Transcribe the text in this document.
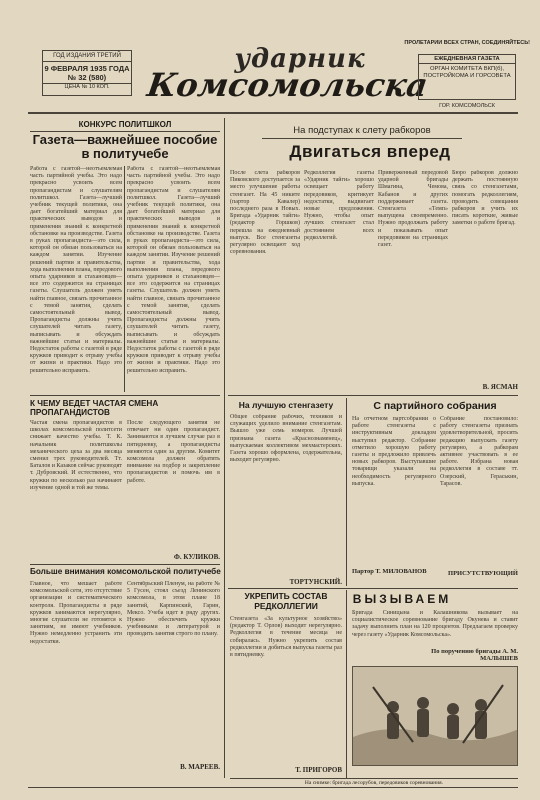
ГОД ИЗДАНИЯ ТРЕТИЙ
9 ФЕВРАЛЯ 1935 ГОДА
№ 32 (580)
ЦЕНА № 10 КОП.
ударник
Комсомольска
ПРОЛЕТАРИИ ВСЕХ СТРАН, СОЕДИНЯЙТЕСЬ!
ЕЖЕДНЕВНАЯ ГАЗЕТА
ОРГАН КОМИТЕТА ВКП(б), ПОСТРОЙКОМА И ГОРСОВЕТА
ГОР. КОМСОМОЛЬСК
КОНКУРС ПОЛИТШКОЛ
Газета—важнейшее пособие в политучебе
Работа с газетой—неотъемлемая часть партийной учебы. Это надо прекрасно усвоить всем пропагандистам и слушателям политшкол. Газета—лучший учебник текущей политики, она дает богатейший материал для практических выводов и применения знаний к конкретной обстановке на производстве. Газета в руках пропагандиста—это сила, которой он обязан пользоваться на каждом занятии. Изучение решений партии и правительства, хода выполнения плана, передового опыта ударников и стахановцев—все это содержится на страницах газеты. Слушатель должен уметь найти главное, связать прочитанное с темой занятия, сделать самостоятельный вывод. Пропагандисты должны учить слушателей читать газету, выписывать и обсуждать важнейшие статьи и материалы. Недостаток работы с газетой в ряде кружков приводит к отрыву учебы от жизни и практики. Надо это решительно исправить.
Работа с газетой—неотъемлемая часть партийной учебы. Это надо прекрасно усвоить всем пропагандистам и слушателям политшкол. Газета—лучший учебник текущей политики, она дает богатейший материал для практических выводов и применения знаний к конкретной обстановке на производстве. Газета в руках пропагандиста—это сила, которой он обязан пользоваться на каждом занятии. Изучение решений партии и правительства, хода выполнения плана, передового опыта ударников и стахановцев—все это содержится на страницах газеты. Слушатель должен уметь найти главное, связать прочитанное с темой занятия, сделать самостоятельный вывод. Пропагандисты должны учить слушателей читать газету, выписывать и обсуждать важнейшие статьи и материалы. Недостаток работы с газетой в ряде кружков приводит к отрыву учебы от жизни и практики. Надо это решительно исправить.
К ЧЕМУ ВЕДЕТ ЧАСТАЯ СМЕНА ПРОПАГАНДИСТОВ
Частая смена пропагандистов в школах комсомольской политсети снижает качество учебы. Т. К. начальник политшколы механического цеха за два месяца сменил трех руководителей. Тт. Баталов и Казаков сейчас руководят т. Дубровский. И естественно, что кружки по несколько раз начинают изучение одной и той же темы.
После следующего занятия не отвечает ни один пропагандист. Занимаются в лучшем случае раз в пятидневку, а пропагандисты меняются один за другим. Комитет комсомола должен обратить внимание на подбор и закрепление пропагандистов и помочь им в работе.
Ф. КУЛИКОВ.
Больше внимания комсомольской политучебе
Главное, что мешает работе комсомольской сети, это отсутствие организации и систематического контроля. Пропагандисты в ряде кружков занимаются нерегулярно, многие слушатели не готовятся к занятиям, не имеют учебников. Нужно немедленно устранить эти недостатки.
Сентябрьский Пленум, на работе № 5 Гусен, стоял съезд Ленинского комсомола, в этом плане 18 занятий, Карпинский, Гарин, Мексо. Учеба идет в ряду других. Нужно обеспечить кружки учебниками и литературой и проводить занятия строго по плану.
В. МАРЕЕВ.
На подступах к слету рабкоров
Двигаться вперед
После слета рабкоров Пиковского доступается за место улучшение работы стенгазет. На 45 никите (партор Кавалер) последнего раза в Новых. Бригада «Ударник тайги» (редактор Горшков) перешла на ежедневный выпуск. Все стенгазеты регулярно освещают ход соревнования.
Редколлегия газеты «Ударник тайги» хорошо освещает работу передовиков, критикует недостатки, выдвигает новые предложения. Нужно, чтобы опыт лучших стенгазет стал достоянием всех редколлегий.
Приверженный передовой ударной бригады Шмагина, Чемова, Кабанов и других поддерживает газета. Стенгазета «Темп» выпущена своевременно. Нужно продолжать работу и показывать опыт передовиков на страницах газет.
Бюро рабкоров должно держать постоянную связь со стенгазетами, помогать редколлегиям, проводить совещания рабкоров и учить их писать короткие, живые заметки о работе бригад.
В. ЯСМАН
На лучшую стенгазету
Общее собрание рабочих, техников и служащих уделило внимание стенгазетам. Вышло уже семь номеров. Лучшей признана газета «Краснознаменец», выпускаемая коллективом мехмастерских. Газета хорошо оформлена, содержательна, выходит регулярно.
ТОРТУНСКИЙ.
С партийного собрания
На отчетном партсобрании о работе стенгазеты с инструктивным докладом выступил редактор. Собрание отметило хорошую работу газеты и предложило привлечь новых рабкоров. Выступавшие товарищи указали на необходимость регулярного выпуска.
Партор Т. МИЛОВАНОВ
Собрание постановило: работу стенгазеты признать удовлетворительной, просить редакцию выпускать газету регулярно, а рабкорам активнее участвовать в ее работе. Избрана новая редколлегия в составе тт. Озерский, Гераськин, Тарасов.
ПРИСУТСТВУЮЩИЙ
УКРЕПИТЬ СОСТАВ РЕДКОЛЛЕГИИ
Стенгазета «За культурное хозяйство» (редактор Т. Орлов) выходит нерегулярно. Редколлегия в течение месяца не собиралась. Нужно укрепить состав редколлегии и добиться выпуска газеты раз в пятидневку.
Т. ПРИГОРОВ
ВЫЗЫВАЕМ
Бригада Синицына и Калашникова вызывает на социалистическое соревнование бригаду Окунева и ставит задачу выполнить план на 120 процентов. Предлагаем проверку через газету «Ударник Комсомольска».
По поручению бригады А. М. МАЛЫШЕВ
На снимке: бригада лесорубов, передовиков соревнования.
